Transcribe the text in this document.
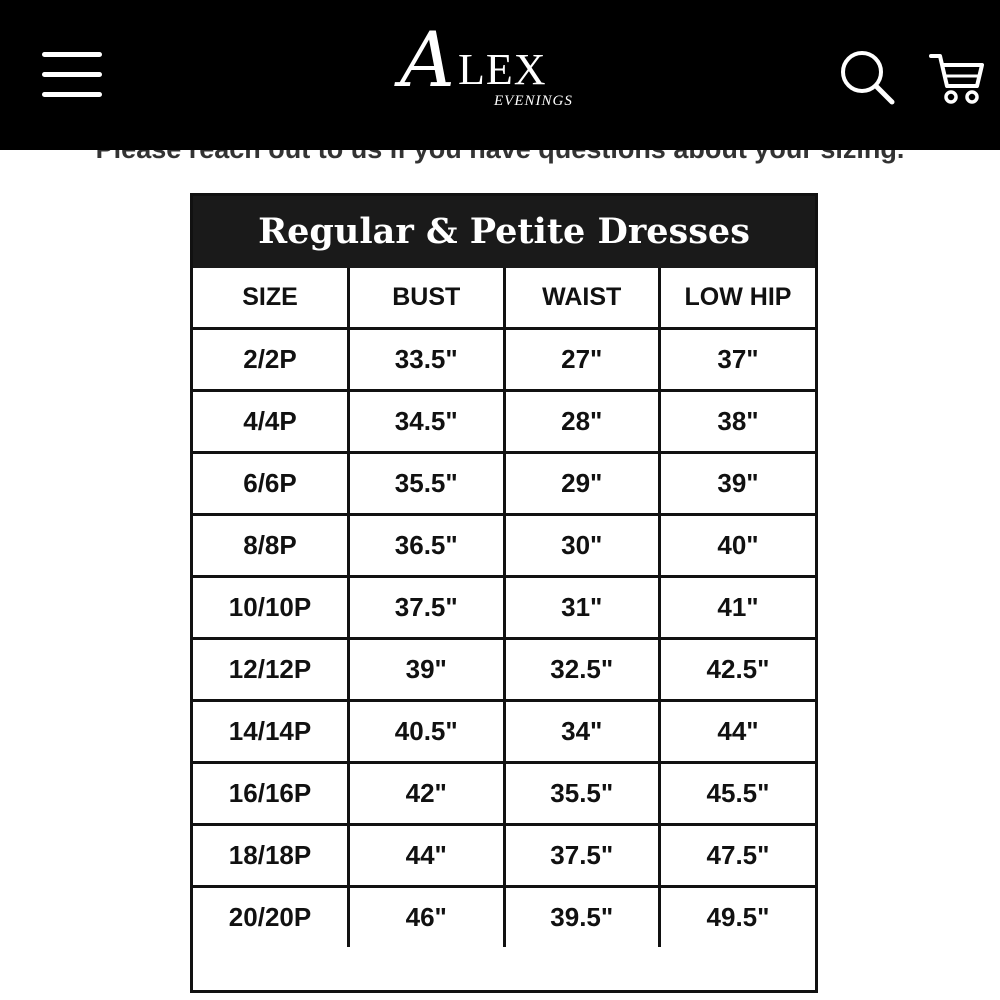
A LEX
EVENINGS
Regular & Petite Dresses
SIZE	BUST	WAIST	LOW HIP
2/2P	33.5"	27"	37"
4/4P	34.5"	28"	38"
6/6P	35.5"	29"	39"
8/8P	36.5"	30"	40"
10/10P	37.5"	31"	41"
12/12P	39"	32.5"	42.5"
14/14P	40.5"	34"	44"
16/16P	42"	35.5"	45.5"
18/18P	44"	37.5"	47.5"
20/20P	46"	39.5"	49.5"
